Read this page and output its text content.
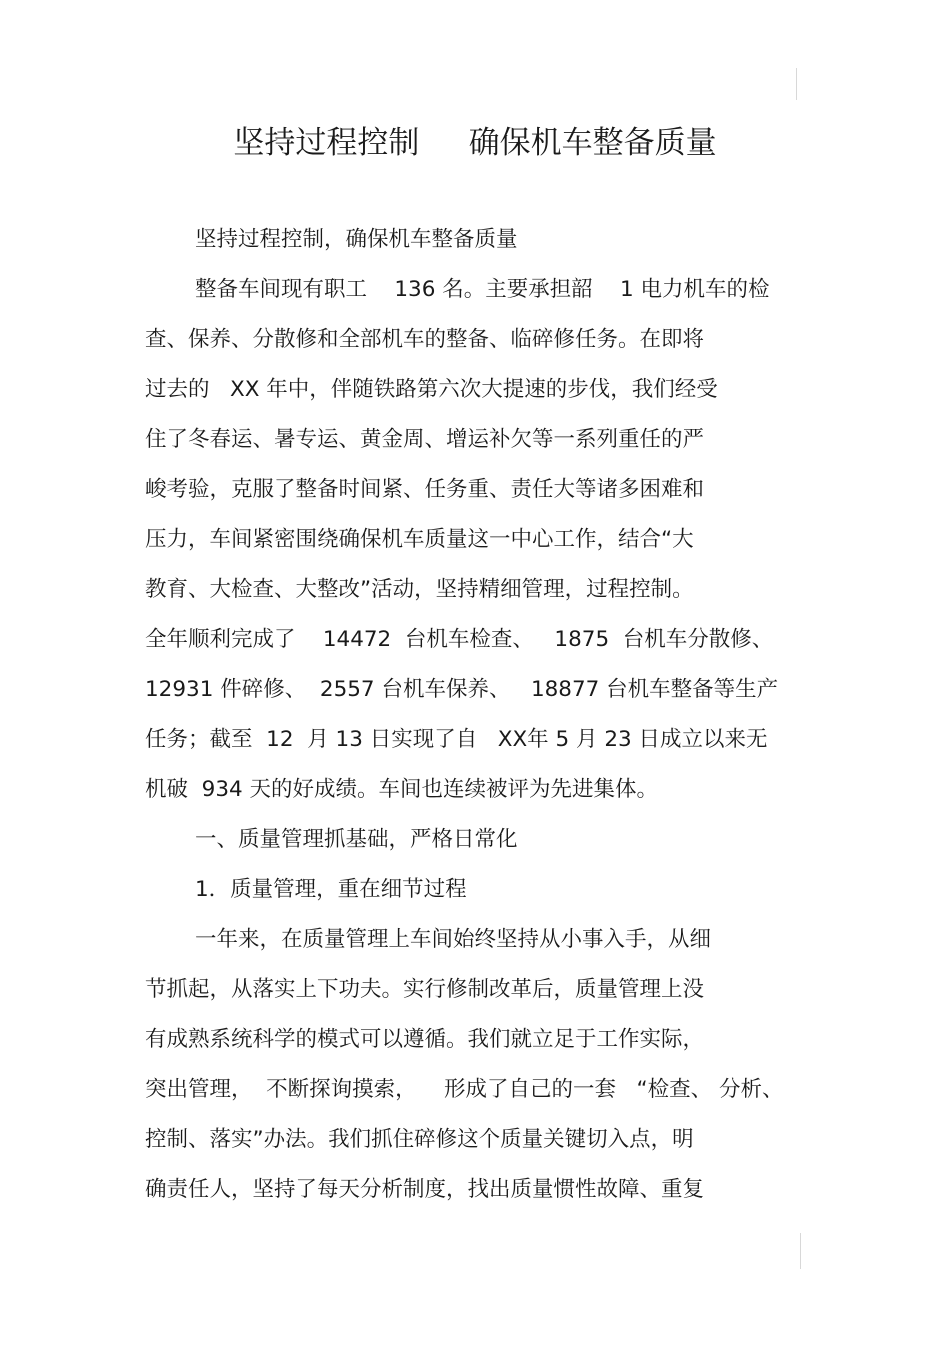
坚持过程控制     确保机车整备质量
坚持过程控制，确保机车整备质量
整备车间现有职工    136 名。主要承担韶    1 电力机车的检
查、保养、分散修和全部机车的整备、临碎修任务。在即将
过去的   XX 年中，伴随铁路第六次大提速的步伐，我们经受
住了冬春运、暑专运、黄金周、增运补欠等一系列重任的严
峻考验，克服了整备时间紧、任务重、责任大等诸多困难和
压力，车间紧密围绕确保机车质量这一中心工作，结合“大
教育、大检查、大整改”活动，坚持精细管理，过程控制。
全年顺利完成了    14472  台机车检查、   1875  台机车分散修、
12931 件碎修、  2557 台机车保养、   18877 台机车整备等生产
任务；截至  12  月 13 日实现了自   XX年 5 月 23 日成立以来无
机破  934 天的好成绩。车间也连续被评为先进集体。
一、质量管理抓基础，严格日常化
1．质量管理，重在细节过程
一年来，在质量管理上车间始终坚持从小事入手，从细
节抓起，从落实上下功夫。实行修制改革后，质量管理上没
有成熟系统科学的模式可以遵循。我们就立足于工作实际，
突出管理，  不断探询摸索，    形成了自己的一套   “检查、 分析、
控制、落实”办法。我们抓住碎修这个质量关键切入点，明
确责任人，坚持了每天分析制度，找出质量惯性故障、重复
